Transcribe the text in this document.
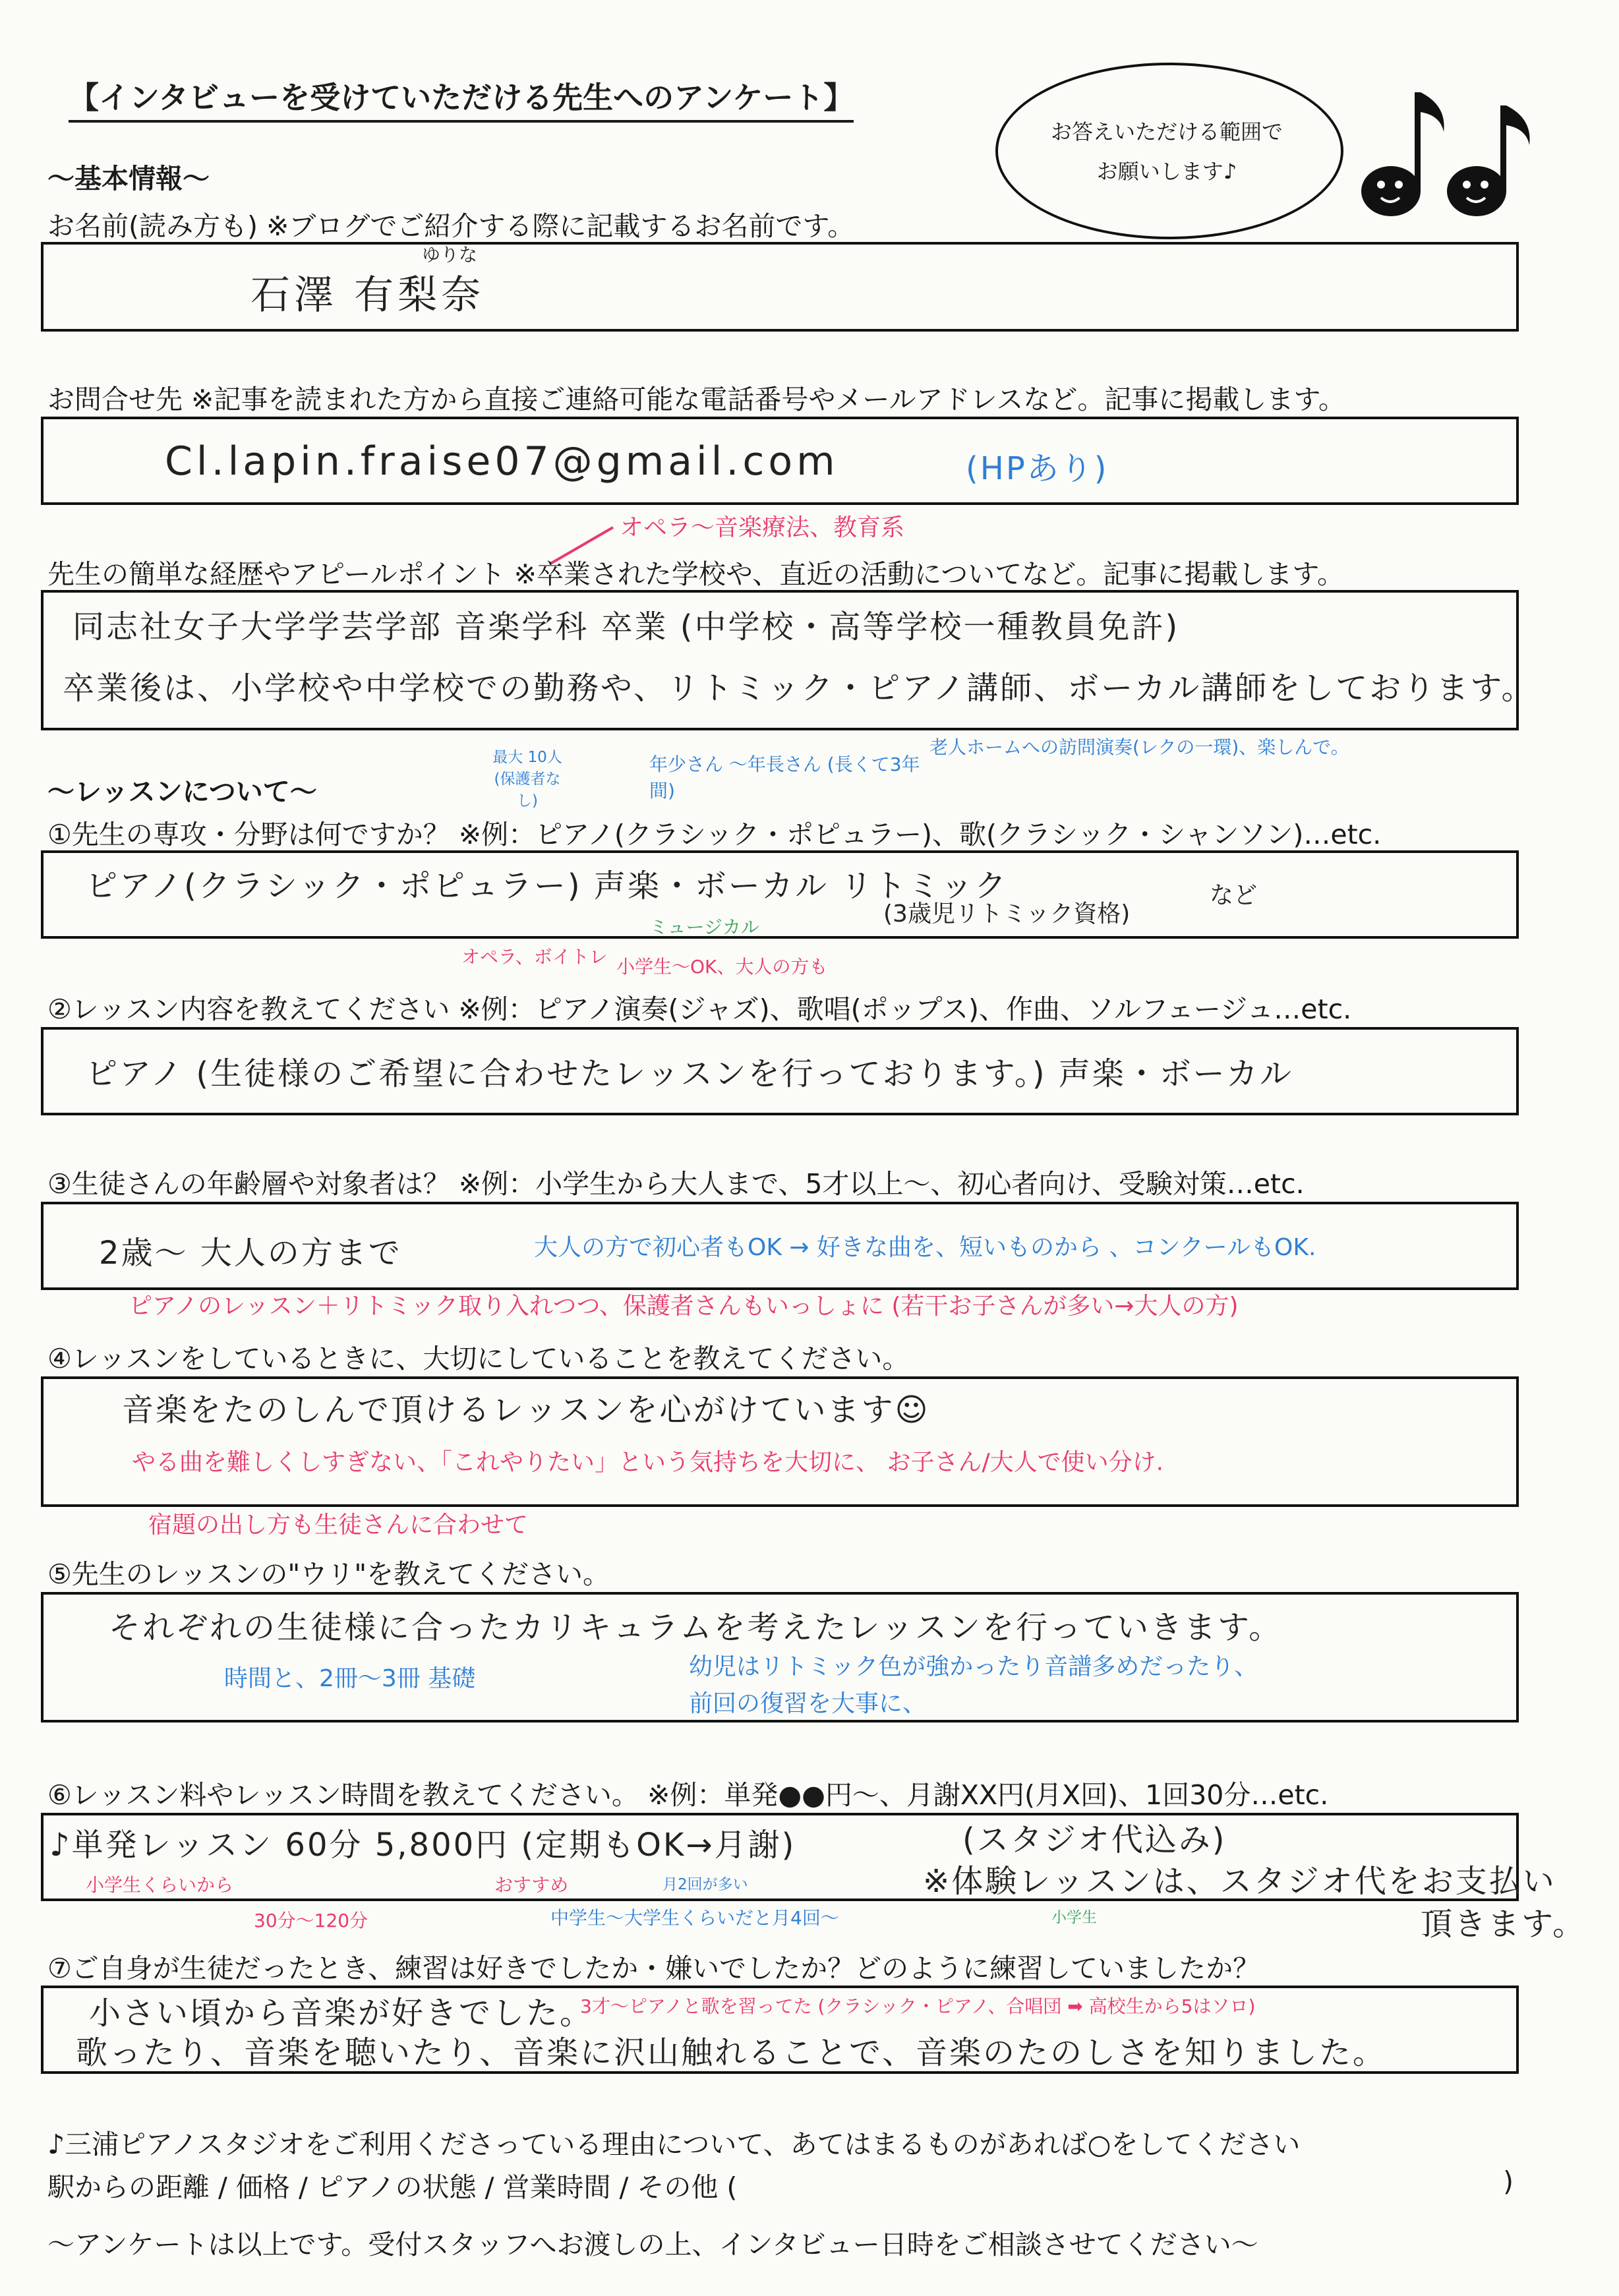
【インタビューを受けていただける先生へのアンケート】
お答えいただける範囲で
お願いします♪
～基本情報～
お名前(読み方も) ※ブログでご紹介する際に記載するお名前です。
ゆりな
石澤 有梨奈
お問合せ先 ※記事を読まれた方から直接ご連絡可能な電話番号やメールアドレスなど。記事に掲載します。
Cl.lapin.fraise07@gmail.com	(HPあり)
オペラ～音楽療法、教育系
先生の簡単な経歴やアピールポイント ※卒業された学校や、直近の活動についてなど。記事に掲載します。
同志社女子大学学芸学部 音楽学科 卒業 (中学校・高等学校一種教員免許)
卒業後は、小学校や中学校での勤務や、リトミック・ピアノ講師、ボーカル講師をしております。
最大 10人 (保護者なし)
年少さん ～年長さん (長くて3年間)
老人ホームへの訪問演奏(レクの一環)、楽しんで。
～レッスンについて～
①先生の専攻・分野は何ですか？ ※例：ピアノ(クラシック・ポピュラー)、歌(クラシック・シャンソン)…etc.
ピアノ(クラシック・ポピュラー) 声楽・ボーカル リトミック
(3歳児リトミック資格)
など
ミュージカル
オペラ、ボイトレ 小学生～OK、大人の方も
②レッスン内容を教えてください ※例：ピアノ演奏(ジャズ)、歌唱(ポップス)、作曲、ソルフェージュ…etc.
ピアノ (生徒様のご希望に合わせたレッスンを行っております。) 声楽・ボーカル
③生徒さんの年齢層や対象者は？ ※例：小学生から大人まで、5才以上～、初心者向け、受験対策…etc.
2歳～ 大人の方まで	大人の方で初心者もOK → 好きな曲を、短いものから 、コンクールもOK.
ピアノのレッスン＋リトミック取り入れつつ、保護者さんもいっしょに (若干お子さんが多い→大人の方)
④レッスンをしているときに、大切にしていることを教えてください。
音楽をたのしんで頂けるレッスンを心がけています☺
やる曲を難しくしすぎない、「これやりたい」という気持ちを大切に、 お子さん/大人で使い分け.
宿題の出し方も生徒さんに合わせて
⑤先生のレッスンの"ウリ"を教えてください。
それぞれの生徒様に合ったカリキュラムを考えたレッスンを行っていきます。
時間と、2冊～3冊 基礎	幼児はリトミック色が強かったり音譜多めだったり、
前回の復習を大事に、
⑥レッスン料やレッスン時間を教えてください。 ※例：単発●●円～、月謝XX円(月X回)、1回30分…etc.
♪単発レッスン 60分 5,800円 (定期もOK→月謝)	(スタジオ代込み)
※体験レッスンは、スタジオ代をお支払い
頂きます。
小学生くらいから
30分～120分
おすすめ	月2回が多い
中学生～大学生くらいだと月4回～	小学生
⑦ご自身が生徒だったとき、練習は好きでしたか・嫌いでしたか？どのように練習していましたか？
小さい頃から音楽が好きでした。
3才～ピアノと歌を習ってた (クラシック・ピアノ、合唱団 ➡ 高校生から5はソロ)
歌ったり、音楽を聴いたり、音楽に沢山触れることで、音楽のたのしさを知りました。
♪三浦ピアノスタジオをご利用くださっている理由について、あてはまるものがあれば○をしてください
駅からの距離 / 価格 / ピアノの状態 / 営業時間 / その他 (	)
～アンケートは以上です。受付スタッフへお渡しの上、インタビュー日時をご相談させてください～
